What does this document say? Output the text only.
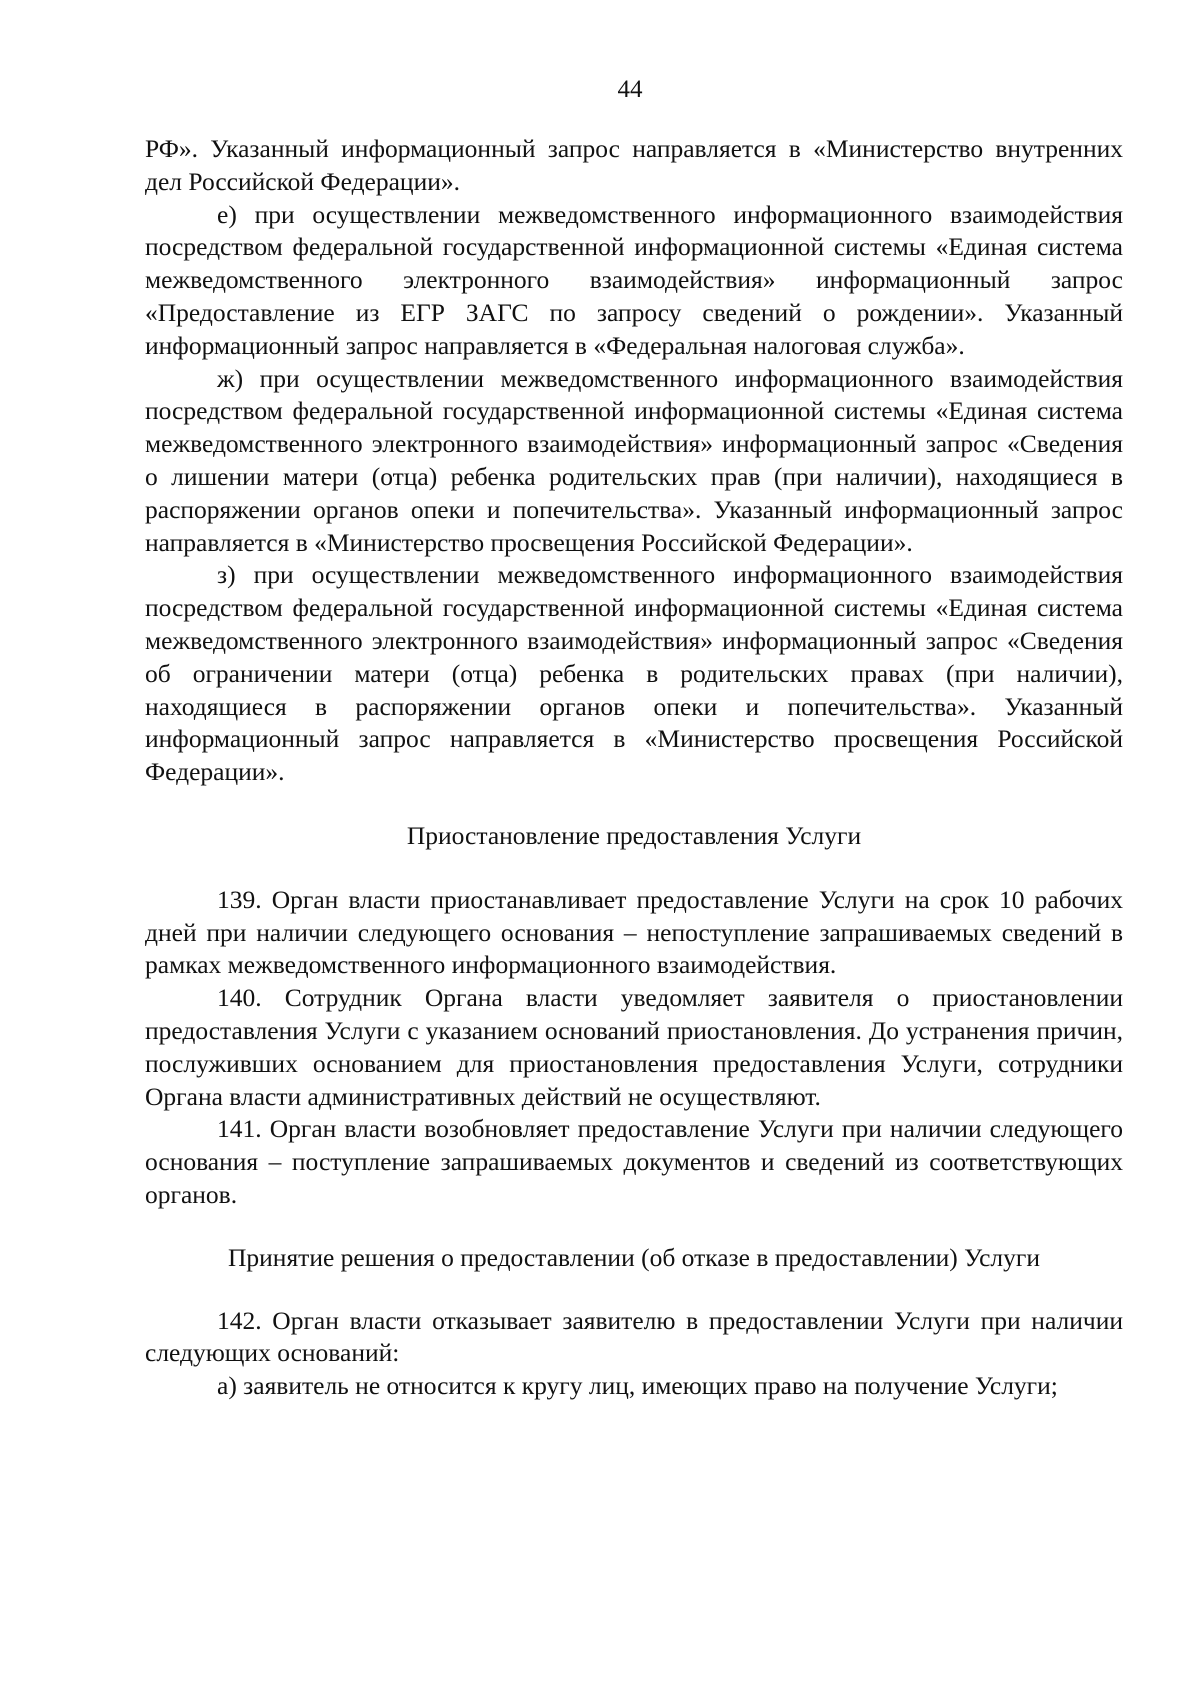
44

РФ». Указанный информационный запрос направляется в «Министерство внутренних дел Российской Федерации».

е) при осуществлении межведомственного информационного взаимодействия посредством федеральной государственной информационной системы «Единая система межведомственного электронного взаимодействия» информационный запрос «Предоставление из ЕГР ЗАГС по запросу сведений о рождении». Указанный информационный запрос направляется в «Федеральная налоговая служба».

ж) при осуществлении межведомственного информационного взаимодействия посредством федеральной государственной информационной системы «Единая система межведомственного электронного взаимодействия» информационный запрос «Сведения о лишении матери (отца) ребенка родительских прав (при наличии), находящиеся в распоряжении органов опеки и попечительства». Указанный информационный запрос направляется в «Министерство просвещения Российской Федерации».

з) при осуществлении межведомственного информационного взаимодействия посредством федеральной государственной информационной системы «Единая система межведомственного электронного взаимодействия» информационный запрос «Сведения об ограничении матери (отца) ребенка в родительских правах (при наличии), находящиеся в распоряжении органов опеки и попечительства». Указанный информационный запрос направляется в «Министерство просвещения Российской Федерации».

Приостановление предоставления Услуги

139. Орган власти приостанавливает предоставление Услуги на срок 10 рабочих дней при наличии следующего основания – непоступление запрашиваемых сведений в рамках межведомственного информационного взаимодействия.

140. Сотрудник Органа власти уведомляет заявителя о приостановлении предоставления Услуги с указанием оснований приостановления. До устранения причин, послуживших основанием для приостановления предоставления Услуги, сотрудники Органа власти административных действий не осуществляют.

141. Орган власти возобновляет предоставление Услуги при наличии следующего основания – поступление запрашиваемых документов и сведений из соответствующих органов.

Принятие решения о предоставлении (об отказе в предоставлении) Услуги

142. Орган власти отказывает заявителю в предоставлении Услуги при наличии следующих оснований:

а) заявитель не относится к кругу лиц, имеющих право на получение Услуги;
